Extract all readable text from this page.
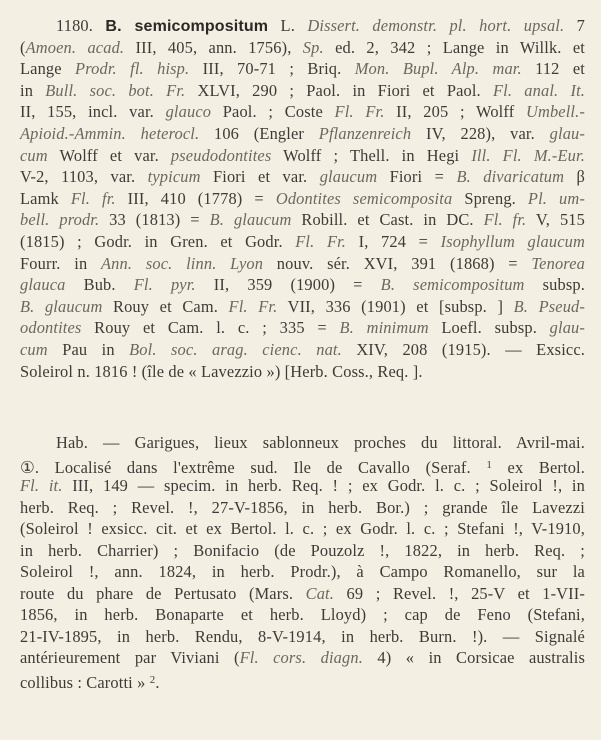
1180. B. semicompositum L. Dissert. demonstr. pl. hort. upsal. 7
(Amoen. acad. III, 405, ann. 1756), Sp. ed. 2, 342 ; Lange in Willk. et
Lange Prodr. fl. hisp. III, 70-71 ; Briq. Mon. Bupl. Alp. mar. 112 et
in Bull. soc. bot. Fr. XLVI, 290 ; Paol. in Fiori et Paol. Fl. anal. It.
II, 155, incl. var. glauco Paol. ; Coste Fl. Fr. II, 205 ; Wolff Umbell.-
Apioid.-Ammin. heterocl. 106 (Engler Pflanzenreich IV, 228), var. glau-
cum Wolff et var. pseudodontites Wolff ; Thell. in Hegi Ill. Fl. M.-Eur.
V-2, 1103, var. typicum Fiori et var. glaucum Fiori = B. divaricatum β
Lamk Fl. fr. III, 410 (1778) = Odontites semicomposita Spreng. Pl. um-
bell. prodr. 33 (1813) = B. glaucum Robill. et Cast. in DC. Fl. fr. V, 515
(1815) ; Godr. in Gren. et Godr. Fl. Fr. I, 724 = Isophyllum glaucum
Fourr. in Ann. soc. linn. Lyon nouv. sér. XVI, 391 (1868) = Tenorea
glauca Bub. Fl. pyr. II, 359 (1900) = B. semicompositum subsp.
B. glaucum Rouy et Cam. Fl. Fr. VII, 336 (1901) et [subsp. ] B. Pseud-
odontites Rouy et Cam. l. c. ; 335 = B. minimum Loefl. subsp. glau-
cum Pau in Bol. soc. arag. cienc. nat. XIV, 208 (1915). — Exsicc.
Soleirol n. 1816 ! (île de « Lavezzio ») [Herb. Coss., Req. ].
Hab. — Garigues, lieux sablonneux proches du littoral. Avril-mai.
①. Localisé dans l'extrême sud. Ile de Cavallo (Seraf. $^1$ ex Bertol.
Fl. it. III, 149 — specim. in herb. Req. ! ; ex Godr. l. c. ; Soleirol !, in
herb. Req. ; Revel. !, 27-V-1856, in herb. Bor.) ; grande île Lavezzi
(Soleirol ! exsicc. cit. et ex Bertol. l. c. ; ex Godr. l. c. ; Stefani !, V-1910,
in herb. Charrier) ; Bonifacio (de Pouzolz !, 1822, in herb. Req. ;
Soleirol !, ann. 1824, in herb. Prodr.), à Campo Romanello, sur la
route du phare de Pertusato (Mars. Cat. 69 ; Revel. !, 25-V et 1-VII-
1856, in herb. Bonaparte et herb. Lloyd) ; cap de Feno (Stefani,
21-IV-1895, in herb. Rendu, 8-V-1914, in herb. Burn. !). — Signalé
antérieurement par Viviani (Fl. cors. diagn. 4) « in Corsicae australis
collibus : Carotti » $^2$.
